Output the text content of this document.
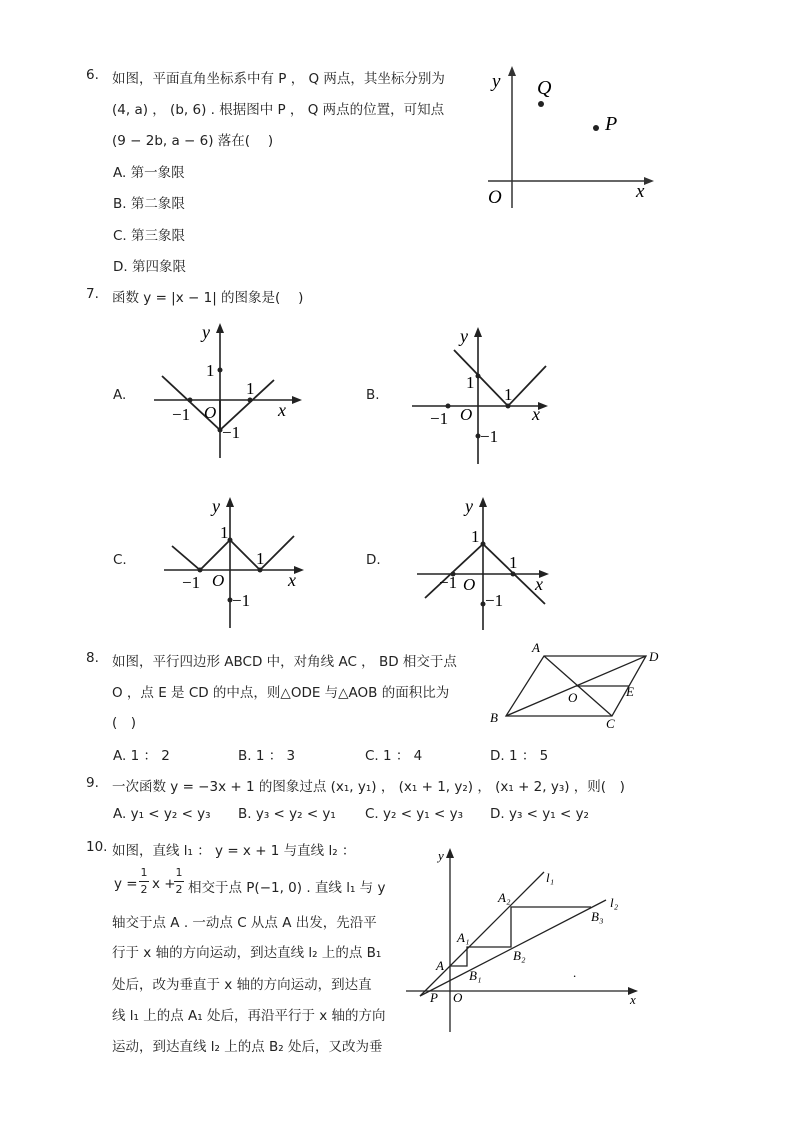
6. 如图，平面直角坐标系中有 P ， Q 两点，其坐标分别为
(4, a) ， (b, 6) . 根据图中 P ， Q 两点的位置，可知点
(9 − 2b, a − 6) 落在(　 )
A. 第一象限
B. 第二象限
C. 第三象限
D. 第四象限
y
x
O
Q
P
7. 函数 y = |x − 1| 的图象是(　 )
A.	B.
C.	D.
y
x
O
1
1
−1
−1
y
x
O
1
1
−1
−1
y
x
O
1
1
−1
−1
y
x
O
1
1
−1
−1
8. 如图，平行四边形 ABCD 中，对角线 AC ， BD 相交于点
O ，点 E 是 CD 的中点，则△ODE 与△AOB 的面积比为
(　)
A. 1 ： 2	B. 1 ： 3	C. 1 ： 4	D. 1 ： 5
A
D
B	C
O	E
9. 一次函数 y = −3x + 1 的图象过点 (x₁, y₁) ， (x₁ + 1, y₂) ， (x₁ + 2, y₃) ，则(　)
A. y₁ < y₂ < y₃ B. y₃ < y₂ < y₁ C. y₂ < y₁ < y₃ D. y₃ < y₁ < y₂
10. 如图，直线 l₁ ： y = x + 1 与直线 l₂ ：
y =
1
2 x +
1
2 相交于点 P(−1, 0) . 直线 l₁ 与 y
轴交于点 A . 一动点 C 从点 A 出发，先沿平
行于 x 轴的方向运动，到达直线 l₂ 上的点 B₁
处后，改为垂直于 x 轴的方向运动，到达直
线 l₁ 上的点 A₁ 处后，再沿平行于 x 轴的方向
运动，到达直线 l₂ 上的点 B₂ 处后，又改为垂
y
x
O
P
A
A₁
A₂
B₁
B₂
B₃
l₁
l₂
.
